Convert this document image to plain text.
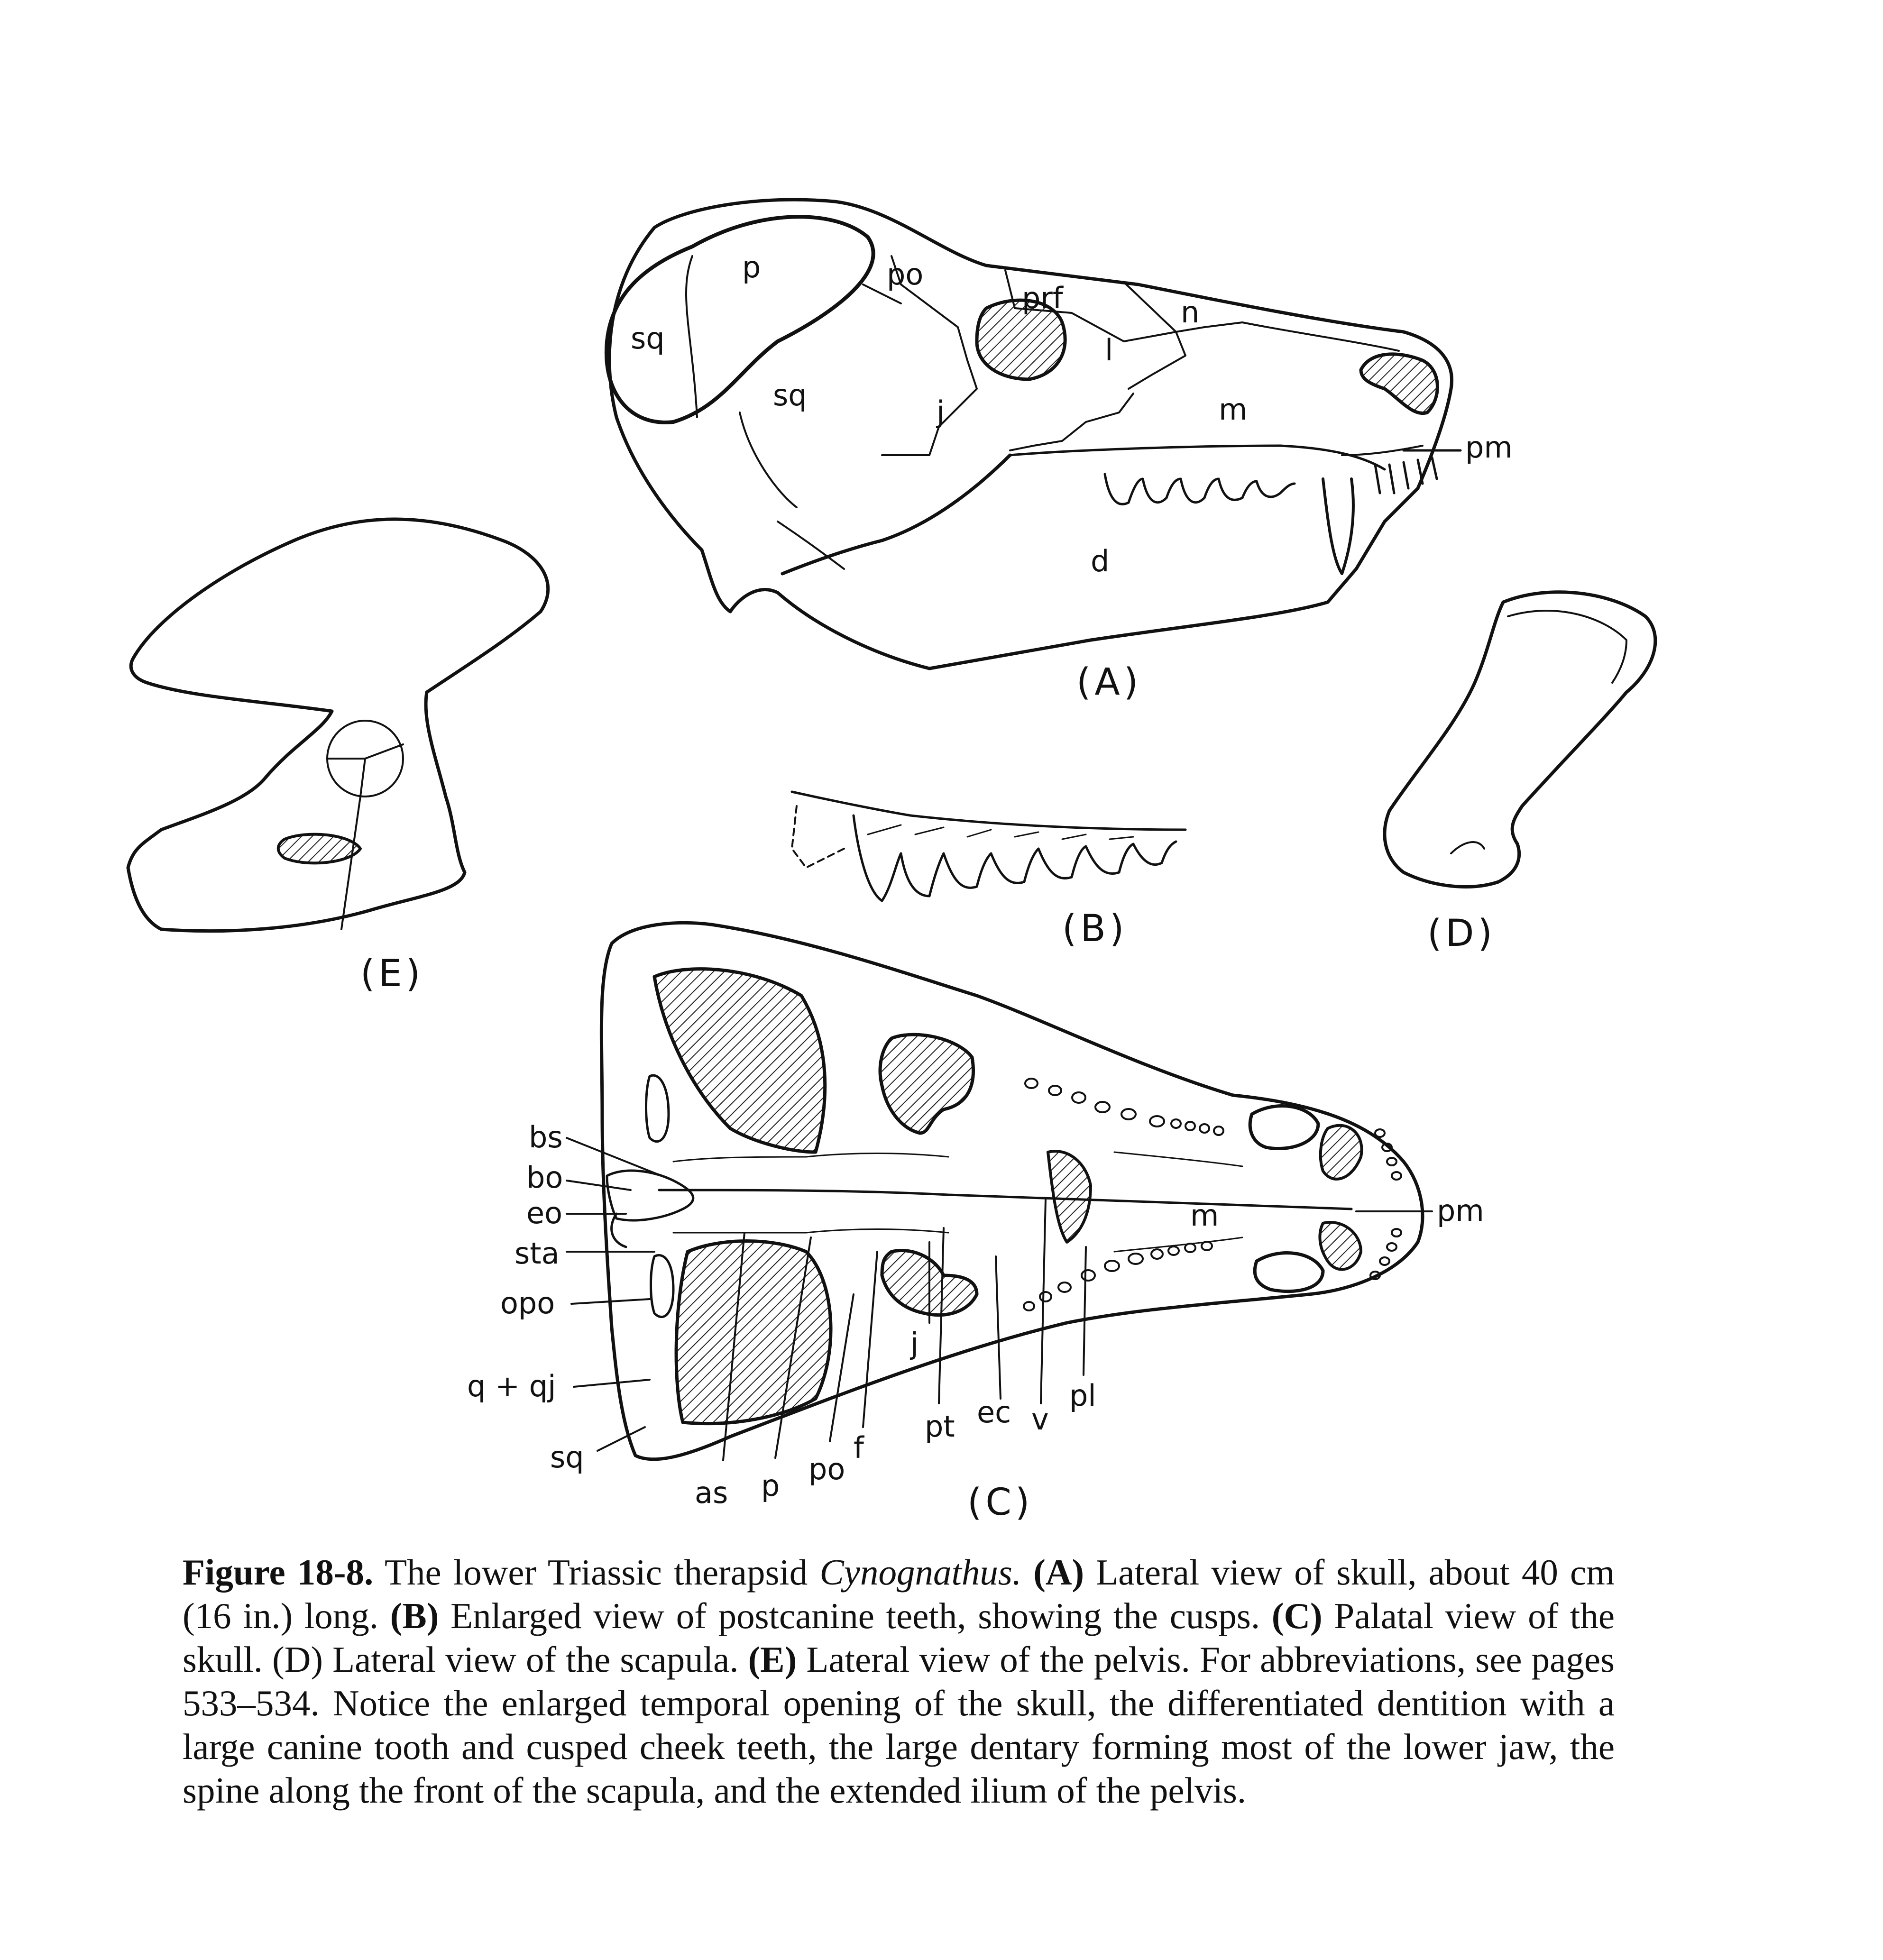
sq
sq
p	po
prf	n
l
j	m
pm
d
(A)
(E)
(B)	(D)
bs
bo
eo
sta
opo
q + qj
sq
as p po
f
j
pt ec v
pl
m	pm
(C)

Figure 18-8. The lower Triassic therapsid Cynognathus. (A) Lateral view of skull, about 40 cm (16 in.) long. (B) Enlarged view of postcanine teeth, showing the cusps. (C) Palatal view of the skull. (D) Lateral view of the scapula. (E) Lateral view of the pelvis. For abbreviations, see pages 533–534. Notice the enlarged temporal opening of the skull, the differentiated dentition with a large canine tooth and cusped cheek teeth, the large dentary forming most of the lower jaw, the spine along the front of the scapula, and the extended ilium of the pelvis.
